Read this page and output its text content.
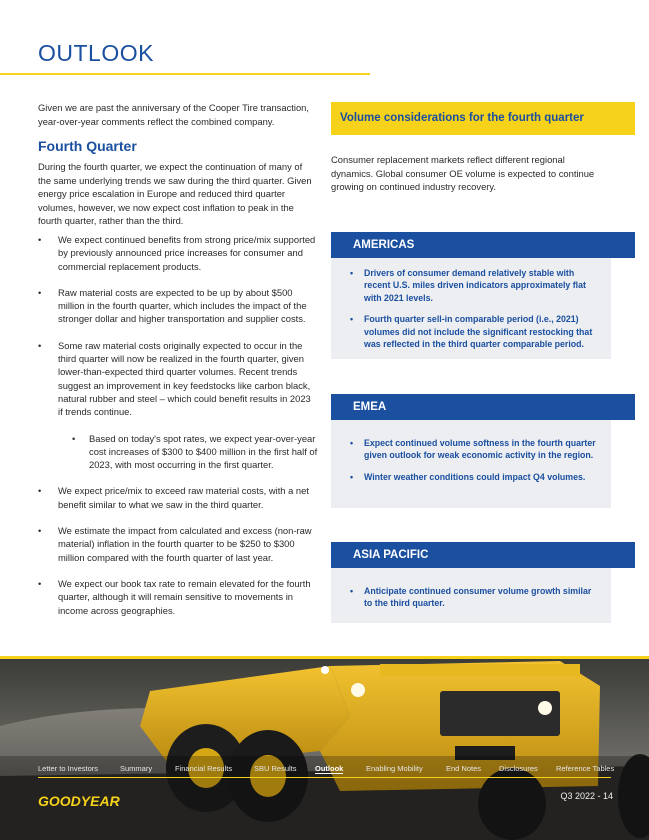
OUTLOOK

Given we are past the anniversary of the Cooper Tire transaction, year-over-year comments reflect the combined company.

Fourth Quarter

During the fourth quarter, we expect the continuation of many of the same underlying trends we saw during the third quarter. Given energy price escalation in Europe and reduced third quarter volumes, however, we now expect cost inflation to peak in the fourth quarter, rather than the third.

• We expect continued benefits from strong price/mix supported by previously announced price increases for consumer and commercial replacement products.
• Raw material costs are expected to be up by about $500 million in the fourth quarter, which includes the impact of the stronger dollar and higher transportation and supplier costs.
• Some raw material costs originally expected to occur in the third quarter will now be realized in the fourth quarter, given lower-than-expected third quarter volumes. Recent trends suggest an improvement in key feedstocks like carbon black, natural rubber and steel – which could benefit results in 2023 if trends continue.
• Based on today's spot rates, we expect year-over-year cost increases of $300 to $400 million in the first half of 2023, with most occurring in the first quarter.
• We expect price/mix to exceed raw material costs, with a net benefit similar to what we saw in the third quarter.
• We estimate the impact from calculated and excess (non-raw material) inflation in the fourth quarter to be $250 to $300 million compared with the fourth quarter of last year.
• We expect our book tax rate to remain elevated for the fourth quarter, although it will remain sensitive to movements in income across geographies.
Volume considerations for the fourth quarter

Consumer replacement markets reflect different regional dynamics. Global consumer OE volume is expected to continue growing on continued industry recovery.

AMERICAS
• Drivers of consumer demand relatively stable with recent U.S. miles driven indicators approximately flat with 2021 levels.
• Fourth quarter sell-in comparable period (i.e., 2021) volumes did not include the significant restocking that was reflected in the third quarter comparable period.
EMEA
• Expect continued volume softness in the fourth quarter given outlook for weak economic activity in the region.
• Winter weather conditions could impact Q4 volumes.
ASIA PACIFIC
• Anticipate continued consumer volume growth similar to the third quarter.
Letter to Investors	Summary	Financial Results	SBU Results Outlook	Enabling Mobility	End Notes Disclosures Reference Tables
GOODYEAR	Q3 2022 - 14
